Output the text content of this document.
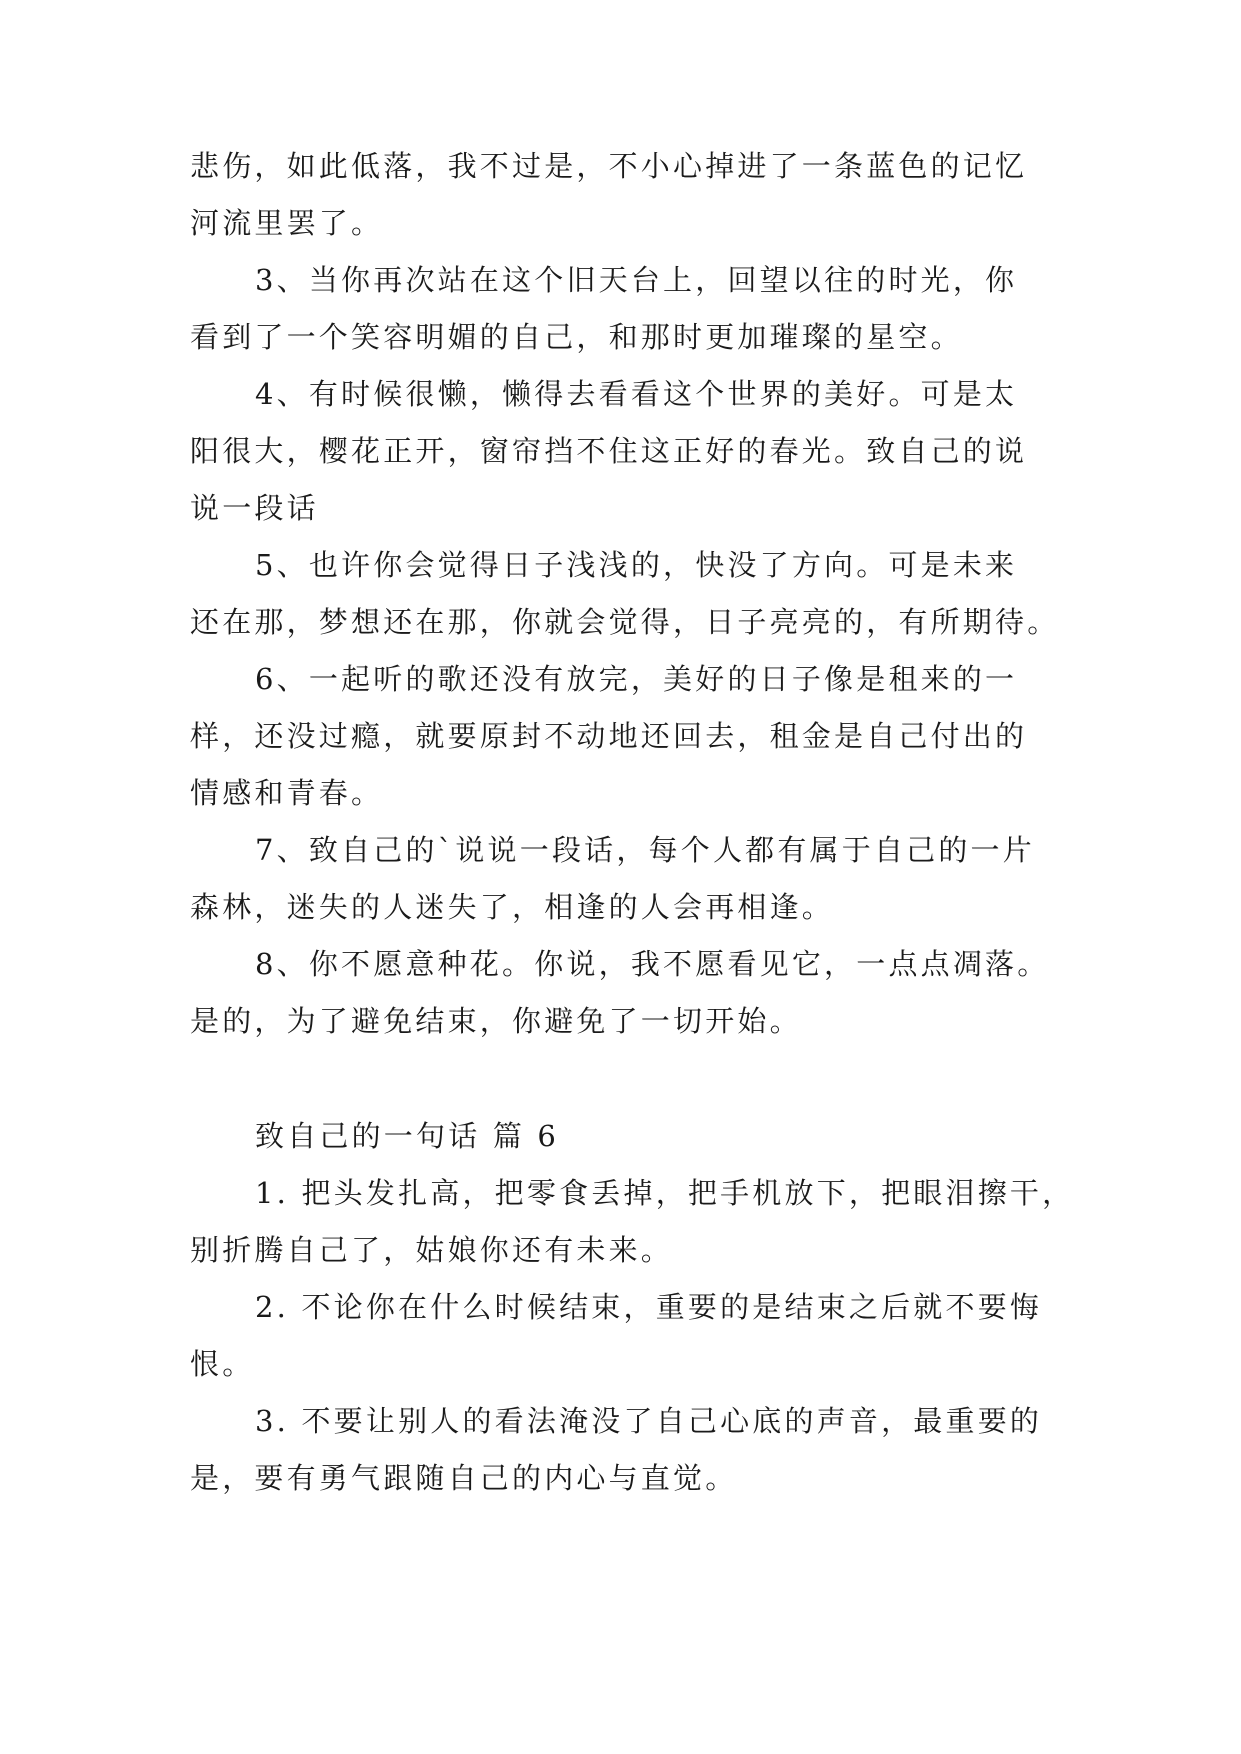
悲伤，如此低落，我不过是，不小心掉进了一条蓝色的记忆
河流里罢了。
3、当你再次站在这个旧天台上，回望以往的时光，你
看到了一个笑容明媚的自己，和那时更加璀璨的星空。
4、有时候很懒，懒得去看看这个世界的美好。可是太
阳很大，樱花正开，窗帘挡不住这正好的春光。致自己的说
说一段话
5、也许你会觉得日子浅浅的，快没了方向。可是未来
还在那，梦想还在那，你就会觉得，日子亮亮的，有所期待。
6、一起听的歌还没有放完，美好的日子像是租来的一
样，还没过瘾，就要原封不动地还回去，租金是自己付出的
情感和青春。
7、致自己的`说说一段话，每个人都有属于自己的一片
森林，迷失的人迷失了，相逢的人会再相逢。
8、你不愿意种花。你说，我不愿看见它，一点点凋落。
是的，为了避免结束，你避免了一切开始。
致自己的一句话 篇 6
1. 把头发扎高，把零食丢掉，把手机放下，把眼泪擦干，
别折腾自己了，姑娘你还有未来。
2. 不论你在什么时候结束，重要的是结束之后就不要悔
恨。
3. 不要让别人的看法淹没了自己心底的声音，最重要的
是，要有勇气跟随自己的内心与直觉。
